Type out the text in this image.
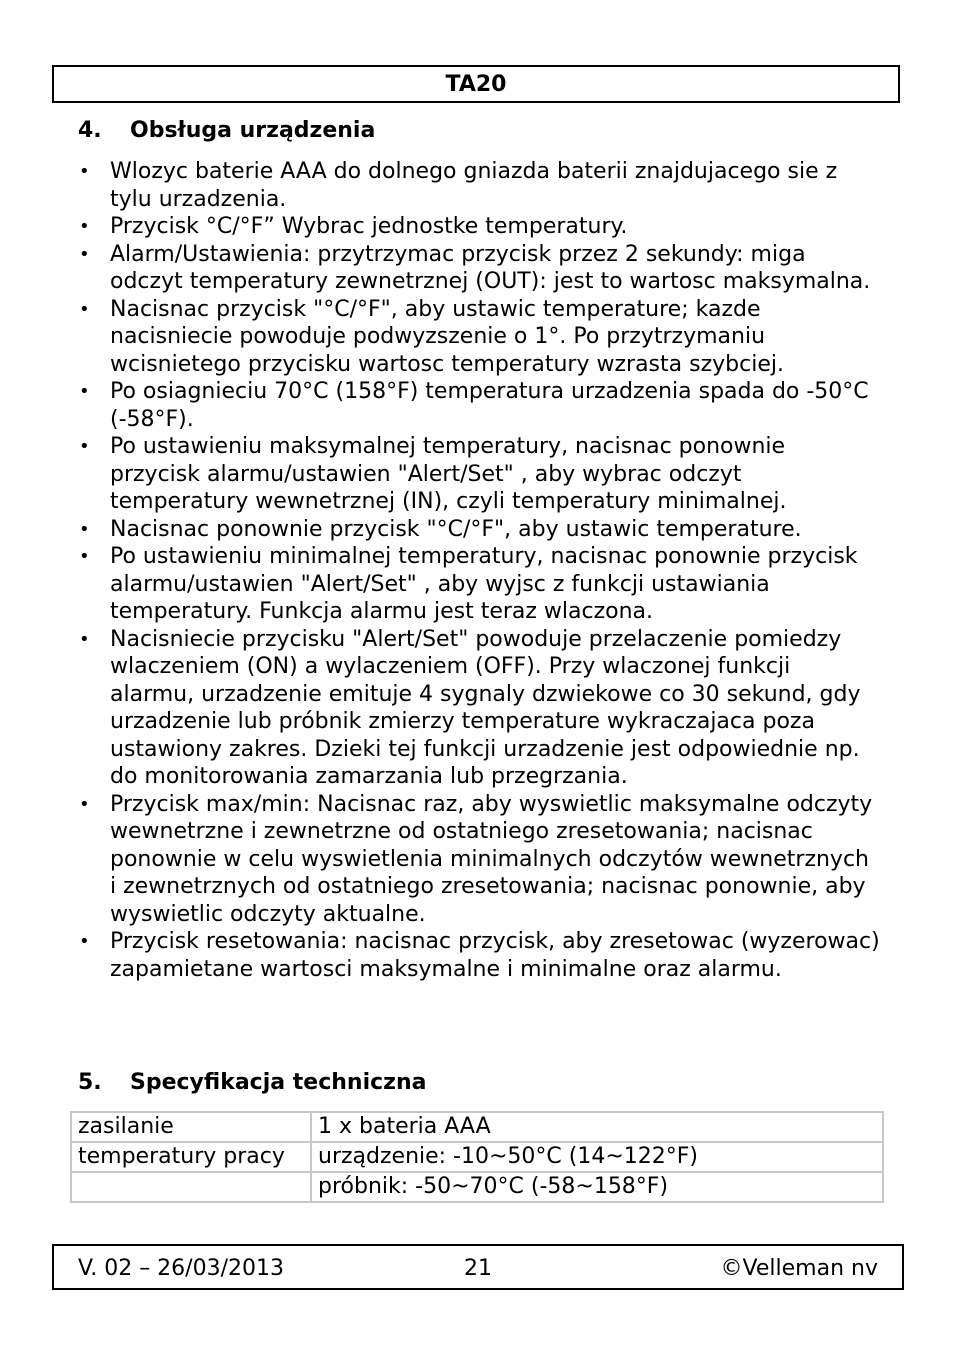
TA20
4. Obsługa urządzenia
• Wlozyc baterie AAA do dolnego gniazda baterii znajdujacego sie z tylu urzadzenia.
• Przycisk °C/°F” Wybrac jednostke temperatury.
• Alarm/Ustawienia: przytrzymac przycisk przez 2 sekundy: miga odczyt temperatury zewnetrznej (OUT): jest to wartosc maksymalna.
• Nacisnac przycisk "°C/°F", aby ustawic temperature; kazde nacisniecie powoduje podwyzszenie o 1°. Po przytrzymaniu wcisnietego przycisku wartosc temperatury wzrasta szybciej.
• Po osiagnieciu 70°C (158°F) temperatura urzadzenia spada do -50°C (-58°F).
• Po ustawieniu maksymalnej temperatury, nacisnac ponownie przycisk alarmu/ustawien "Alert/Set" , aby wybrac odczyt temperatury wewnetrznej (IN), czyli temperatury minimalnej.
• Nacisnac ponownie przycisk "°C/°F", aby ustawic temperature.
• Po ustawieniu minimalnej temperatury, nacisnac ponownie przycisk alarmu/ustawien "Alert/Set" , aby wyjsc z funkcji ustawiania temperatury. Funkcja alarmu jest teraz wlaczona.
• Nacisniecie przycisku "Alert/Set" powoduje przelaczenie pomiedzy wlaczeniem (ON) a wylaczeniem (OFF). Przy wlaczonej funkcji alarmu, urzadzenie emituje 4 sygnaly dzwiekowe co 30 sekund, gdy urzadzenie lub próbnik zmierzy temperature wykraczajaca poza ustawiony zakres. Dzieki tej funkcji urzadzenie jest odpowiednie np. do monitorowania zamarzania lub przegrzania.
• Przycisk max/min: Nacisnac raz, aby wyswietlic maksymalne odczyty wewnetrzne i zewnetrzne od ostatniego zresetowania; nacisnac ponownie w celu wyswietlenia minimalnych odczytów wewnetrznych i zewnetrznych od ostatniego zresetowania; nacisnac ponownie, aby wyswietlic odczyty aktualne.
• Przycisk resetowania: nacisnac przycisk, aby zresetowac (wyzerowac) zapamietane wartosci maksymalne i minimalne oraz alarmu.
5. Specyfikacja techniczna
zasilanie	1 x bateria AAA
temperatury pracy	urządzenie: -10~50°C (14~122°F)
	próbnik: -50~70°C (-58~158°F)
V. 02 – 26/03/2013	21	©Velleman nv
